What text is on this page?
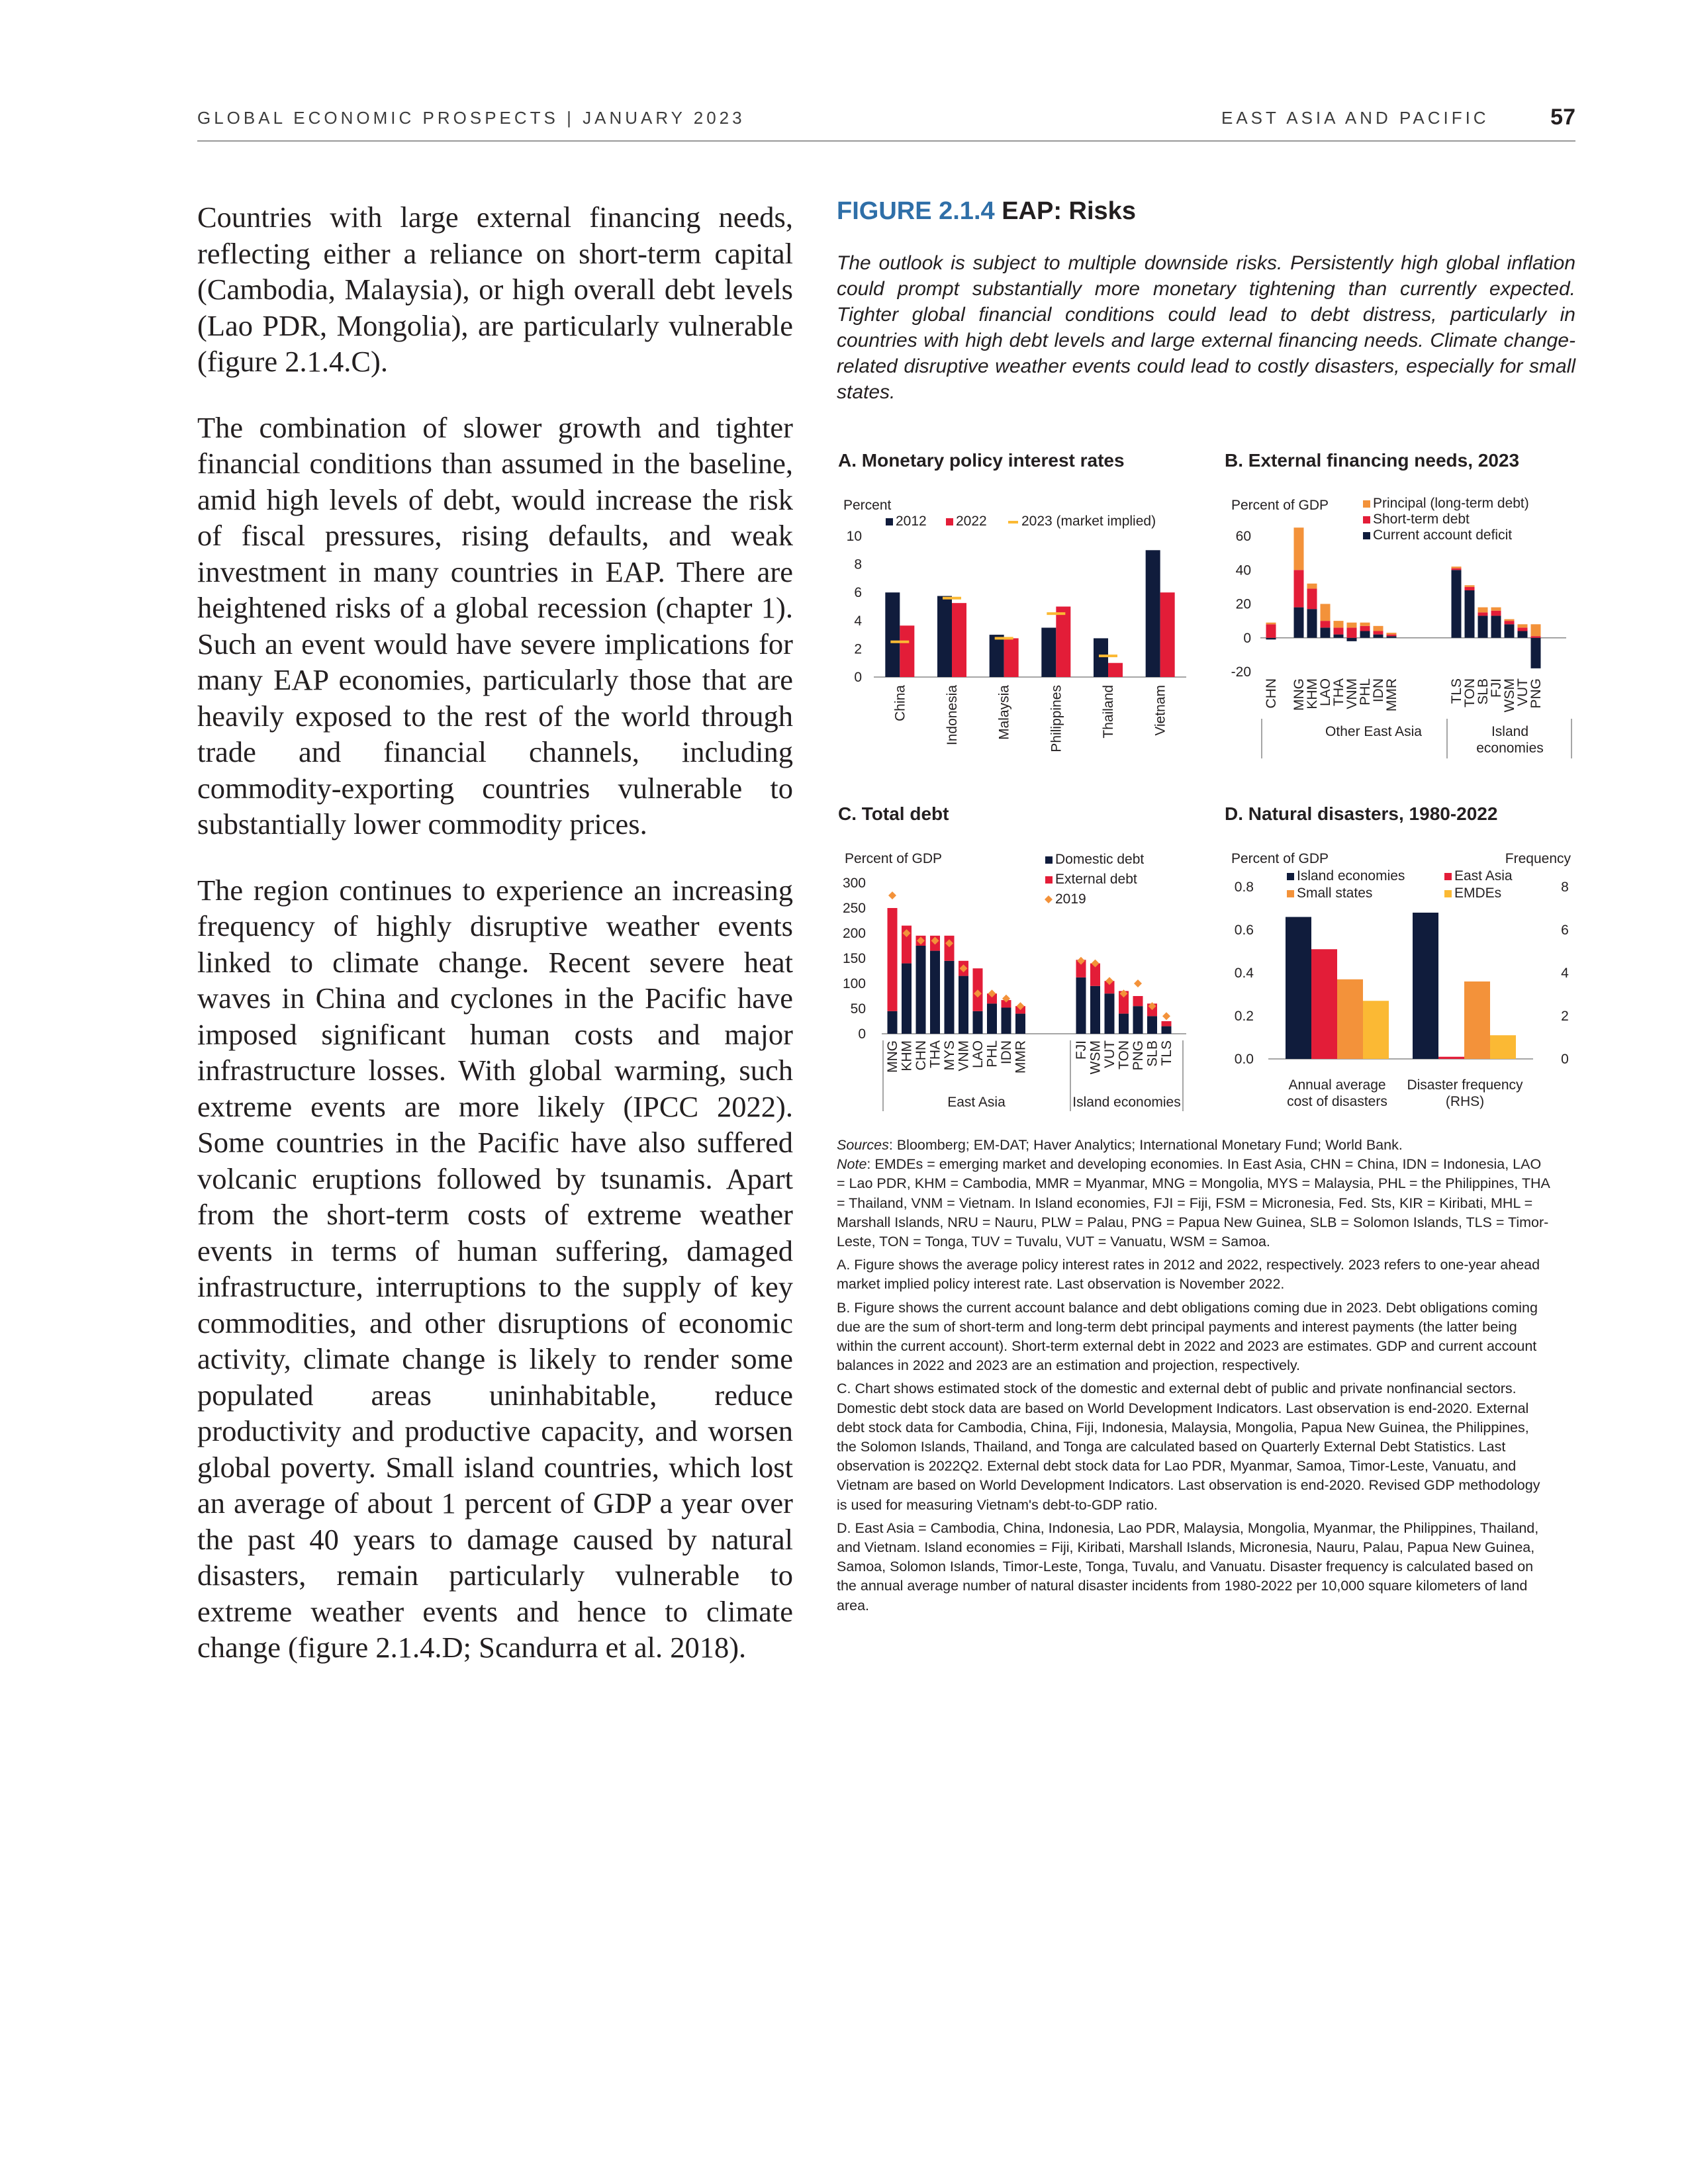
GLOBAL ECONOMIC PROSPECTS | JANUARY 2023	EAST ASIA AND PACIFIC	57

Countries with large external financing needs, reflecting either a reliance on short-term capital (Cambodia, Malaysia), or high overall debt levels (Lao PDR, Mongolia), are particularly vulnerable (figure 2.1.4.C).

The combination of slower growth and tighter financial conditions than assumed in the baseline, amid high levels of debt, would increase the risk of fiscal pressures, rising defaults, and weak investment in many countries in EAP. There are heightened risks of a global recession (chapter 1). Such an event would have severe implications for many EAP economies, particularly those that are heavily exposed to the rest of the world through trade and financial channels, including commodity-exporting countries vulnerable to substantially lower commodity prices.

The region continues to experience an increasing frequency of highly disruptive weather events linked to climate change. Recent severe heat waves in China and cyclones in the Pacific have imposed significant human costs and major infrastructure losses. With global warming, such extreme events are more likely (IPCC 2022). Some countries in the Pacific have also suffered volcanic eruptions followed by tsunamis. Apart from the short-term costs of extreme weather events in terms of human suffering, damaged infrastructure, interruptions to the supply of key commodities, and other disruptions of economic activity, climate change is likely to render some populated areas uninhabitable, reduce productivity and productive capacity, and worsen global poverty. Small island countries, which lost an average of about 1 percent of GDP a year over the past 40 years to damage caused by natural disasters, remain particularly vulnerable to extreme weather events and hence to climate change (figure 2.1.4.D; Scandurra et al. 2018).

FIGURE 2.1.4 EAP: Risks
The outlook is subject to multiple downside risks. Persistently high global inflation could prompt substantially more monetary tightening than currently expected. Tighter global financial conditions could lead to debt distress, particularly in countries with high debt levels and large external financing needs. Climate change-related disruptive weather events could lead to costly disasters, especially for small states.
A. Monetary policy interest rates	B. External financing needs, 2023
C. Total debt	D. Natural disasters, 1980-2022
Percent
2012 2022 2023 (market implied)
0
2
4
6
8
10
China	Indonesia	Malaysia	Philippines	Thailand	Vietnam
Percent of GDP	Principal (long-term debt)
Short-term debt
Current account deficit
Other East Asia	Island
economies
-20
0
20
40
60
CHN MNG
KHM
LAO
THA
VNM
PHL
IDN
MMR	TLS
TON
SLB
FJI
WSM
VUT
PNG
Percent of GDP	Domestic debt
External debt
2019
East Asia	Island economies
0
50
100
150
200
250
300
MNG
KHM
CHN
THA
MYS
VNM
LAO
PHL
IDN
MMR	FJI
WSM
VUT
TON
PNG
SLB
TLS
Percent of GDP	Frequency
Island economies	East Asia
Small states	EMDEs
Annual average
cost of disasters
Disaster frequency
(RHS)
0.0
0.2
0.4
0.6
0.8
0
2
4
6
8

Sources: Bloomberg; EM-DAT; Haver Analytics; International Monetary Fund; World Bank.

Note: EMDEs = emerging market and developing economies. In East Asia, CHN = China, IDN = Indonesia, LAO = Lao PDR, KHM = Cambodia, MMR = Myanmar, MNG = Mongolia, MYS = Malaysia, PHL = the Philippines, THA = Thailand, VNM = Vietnam. In Island economies, FJI = Fiji, FSM = Micronesia, Fed. Sts, KIR = Kiribati, MHL = Marshall Islands, NRU = Nauru, PLW = Palau, PNG = Papua New Guinea, SLB = Solomon Islands, TLS = Timor-Leste, TON = Tonga, TUV = Tuvalu, VUT = Vanuatu, WSM = Samoa.

A. Figure shows the average policy interest rates in 2012 and 2022, respectively. 2023 refers to one-year ahead market implied policy interest rate. Last observation is November 2022.

B. Figure shows the current account balance and debt obligations coming due in 2023. Debt obligations coming due are the sum of short-term and long-term debt principal payments and interest payments (the latter being within the current account). Short-term external debt in 2022 and 2023 are estimates. GDP and current account balances in 2022 and 2023 are an estimation and projection, respectively.

C. Chart shows estimated stock of the domestic and external debt of public and private nonfinancial sectors. Domestic debt stock data are based on World Development Indicators. Last observation is end-2020. External debt stock data for Cambodia, China, Fiji, Indonesia, Malaysia, Mongolia, Papua New Guinea, the Philippines, the Solomon Islands, Thailand, and Tonga are calculated based on Quarterly External Debt Statistics. Last observation is 2022Q2. External debt stock data for Lao PDR, Myanmar, Samoa, Timor-Leste, Vanuatu, and Vietnam are based on World Development Indicators. Last observation is end-2020. Revised GDP methodology is used for measuring Vietnam's debt-to-GDP ratio.

D. East Asia = Cambodia, China, Indonesia, Lao PDR, Malaysia, Mongolia, Myanmar, the Philippines, Thailand, and Vietnam. Island economies = Fiji, Kiribati, Marshall Islands, Micronesia, Nauru, Palau, Papua New Guinea, Samoa, Solomon Islands, Timor-Leste, Tonga, Tuvalu, and Vanuatu. Disaster frequency is calculated based on the annual average number of natural disaster incidents from 1980-2022 per 10,000 square kilometers of land area.
